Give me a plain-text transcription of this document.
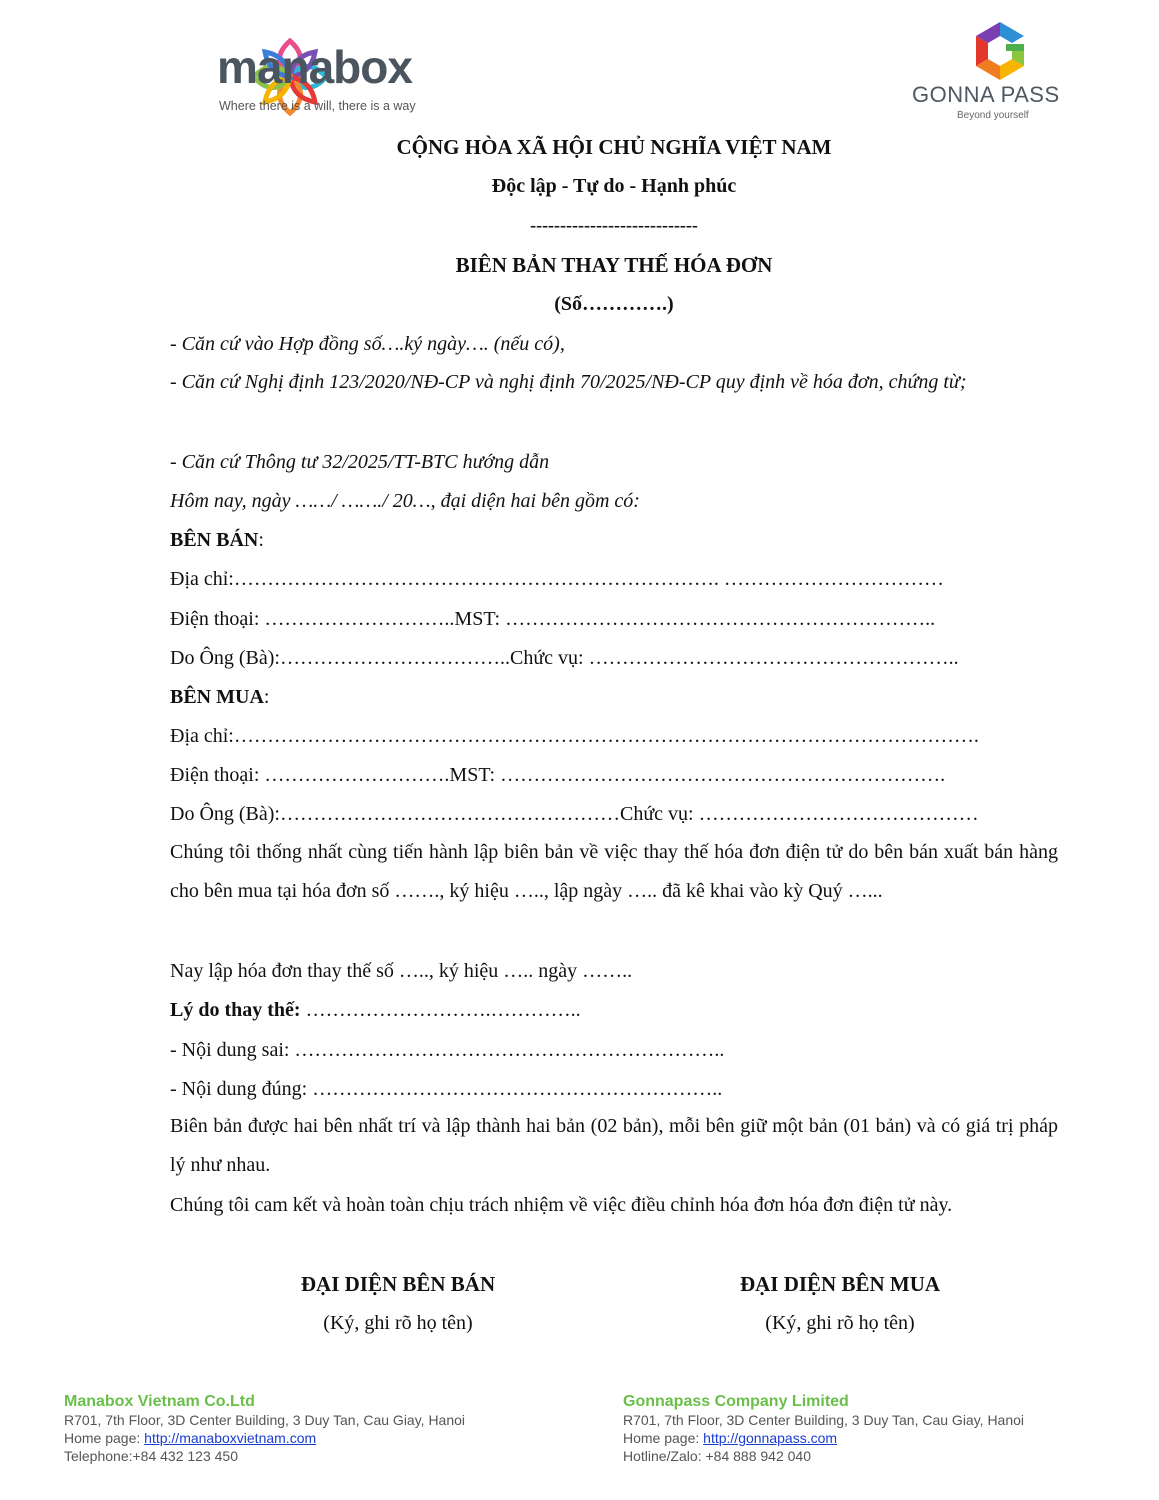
manabox
Where there is a will, there is a way	GONNA PASS
Beyond yourself
CỘNG HÒA XÃ HỘI CHỦ NGHĨA VIỆT NAM
Độc lập - Tự do - Hạnh phúc
----------------------------
BIÊN BẢN THAY THẾ HÓA ĐƠN
(Số………….)
- Căn cứ vào Hợp đồng số….ký ngày…. (nếu có),
- Căn cứ Nghị định 123/2020/NĐ-CP và nghị định 70/2025/NĐ-CP quy định về hóa đơn, chứng từ;
- Căn cứ Thông tư 32/2025/TT-BTC hướng dẫn
Hôm nay, ngày ……/ ……./ 20…, đại diện hai bên gồm có:
BÊN BÁN:
Địa chỉ:………………………………………………………………. ……………………………
Điện thoại: ………………………..MST: ………………………………………………………..
Do Ông (Bà):……………………………..Chức vụ: ………………………………………………..
BÊN MUA:
Địa chỉ:………………………………………………………………………………………………….
Điện thoại: ……………………….MST: ………………………………………………………….
Do Ông (Bà):……………………………………………Chức vụ: ……………………………………
Chúng tôi thống nhất cùng tiến hành lập biên bản về việc thay thế hóa đơn điện tử do bên bán xuất bán hàng cho bên mua tại hóa đơn số ……., ký hiệu ….., lập ngày ….. đã kê khai vào kỳ Quý …...
Nay lập hóa đơn thay thế số ….., ký hiệu ….. ngày ……..
Lý do thay thế: ……………………….…………..
- Nội dung sai: ………………………………………………………..
- Nội dung đúng: ……………………………………………………..
Biên bản được hai bên nhất trí và lập thành hai bản (02 bản), mỗi bên giữ một bản (01 bản) và có giá trị pháp lý như nhau.
Chúng tôi cam kết và hoàn toàn chịu trách nhiệm về việc điều chỉnh hóa đơn hóa đơn điện tử này.
ĐẠI DIỆN BÊN BÁN
(Ký, ghi rõ họ tên)
ĐẠI DIỆN BÊN MUA
(Ký, ghi rõ họ tên)
Manabox Vietnam Co.Ltd
R701, 7th Floor, 3D Center Building, 3 Duy Tan, Cau Giay, Hanoi
Home page: http://manaboxvietnam.com
Telephone:+84 432 123 450
Gonnapass Company Limited
R701, 7th Floor, 3D Center Building, 3 Duy Tan, Cau Giay, Hanoi
Home page: http://gonnapass.com
Hotline/Zalo: +84 888 942 040
